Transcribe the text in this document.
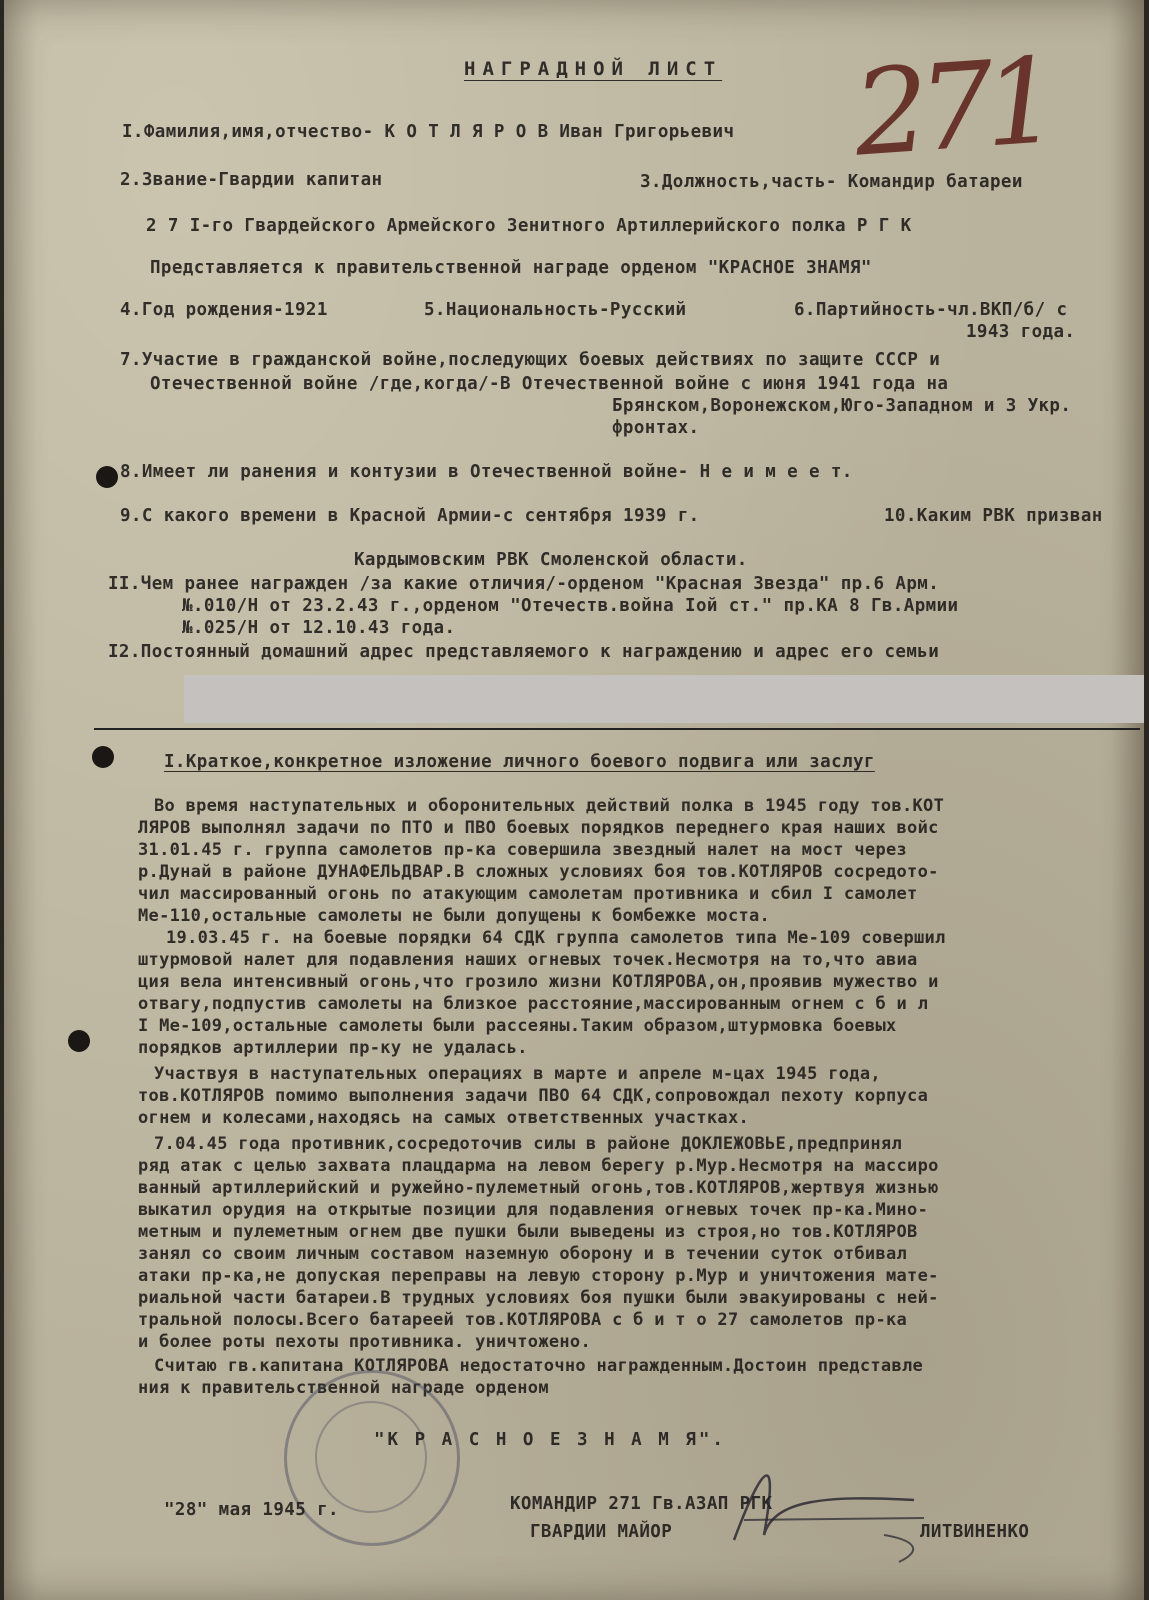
НАГРАДНОЙ ЛИСТ 271
I.Фамилия,имя,отчество- К О Т Л Я Р О В Иван Григорьевич
2.Звание-Гвардии капитан	3.Должность,часть- Командир батареи
2 7 I-го Гвардейского Армейского Зенитного Артиллерийского полка Р Г К
Представляется к правительственной награде орденом "КРАСНОЕ ЗНАМЯ"
4.Год рождения-1921	5.Национальность-Русский	6.Партийность-чл.ВКП/б/ с
1943 года.
7.Участие в гражданской войне,последующих боевых действиях по защите СССР и
Отечественной войне /где,когда/-В Отечественной войне с июня 1941 года на
Брянском,Воронежском,Юго-Западном и 3 Укр.
фронтах.
8.Имеет ли ранения и контузии в Отечественной войне- Н е и м е е т.
9.С какого времени в Красной Армии-с сентября 1939 г.	10.Каким РВК призван
Кардымовским РВК Смоленской области.
II.Чем ранее награжден /за какие отличия/-орденом "Красная Звезда" пр.6 Арм.
№.010/Н от 23.2.43 г.,орденом "Отечеств.война Iой ст." пр.КА 8 Гв.Армии
№.025/Н от 12.10.43 года.
I2.Постоянный домашний адрес представляемого к награждению и адрес его семьи
I.Краткое,конкретное изложение личного боевого подвига или заслуг
Во время наступательных и оборонительных действий полка в 1945 году тов.КОТ
ЛЯРОВ выполнял задачи по ПТО и ПВО боевых порядков переднего края наших войс
31.01.45 г. группа самолетов пр-ка совершила звездный налет на мост через
р.Дунай в районе ДУНАФЕЛЬДВАР.В сложных условиях боя тов.КОТЛЯРОВ сосредото-
чил массированный огонь по атакующим самолетам противника и сбил I самолет
Ме-110,остальные самолеты не были допущены к бомбежке моста.
19.03.45 г. на боевые порядки 64 СДК группа самолетов типа Ме-109 совершил
штурмовой налет для подавления наших огневых точек.Несмотря на то,что авиа
ция вела интенсивный огонь,что грозило жизни КОТЛЯРОВА,он,проявив мужество и
отвагу,подпустив самолеты на близкое расстояние,массированным огнем с б и л
I Ме-109,остальные самолеты были рассеяны.Таким образом,штурмовка боевых
порядков артиллерии пр-ку не удалась.
Участвуя в наступательных операциях в марте и апреле м-цах 1945 года,
тов.КОТЛЯРОВ помимо выполнения задачи ПВО 64 СДК,сопровождал пехоту корпуса
огнем и колесами,находясь на самых ответственных участках.
7.04.45 года противник,сосредоточив силы в районе ДОКЛЕЖОВЬЕ,предпринял
ряд атак с целью захвата плацдарма на левом берегу р.Мур.Несмотря на массиро
ванный артиллерийский и ружейно-пулеметный огонь,тов.КОТЛЯРОВ,жертвуя жизнью
выкатил орудия на открытые позиции для подавления огневых точек пр-ка.Мино-
метным и пулеметным огнем две пушки были выведены из строя,но тов.КОТЛЯРОВ
занял со своим личным составом наземную оборону и в течении суток отбивал
атаки пр-ка,не допуская переправы на левую сторону р.Мур и уничтожения мате-
риальной части батареи.В трудных условиях боя пушки были эвакуированы с ней-
тральной полосы.Всего батареей тов.КОТЛЯРОВА с б и т о 27 самолетов пр-ка
и более роты пехоты противника. уничтожено.
Считаю гв.капитана КОТЛЯРОВА недостаточно награжденным.Достоин представле
ния к правительственной награде орденом
"К Р А С Н О Е З Н А М Я".
"28" мая 1945 г.	КОМАНДИР 271 Гв.АЗАП РГК
ГВАРДИИ МАЙОР	ЛИТВИНЕНКО
